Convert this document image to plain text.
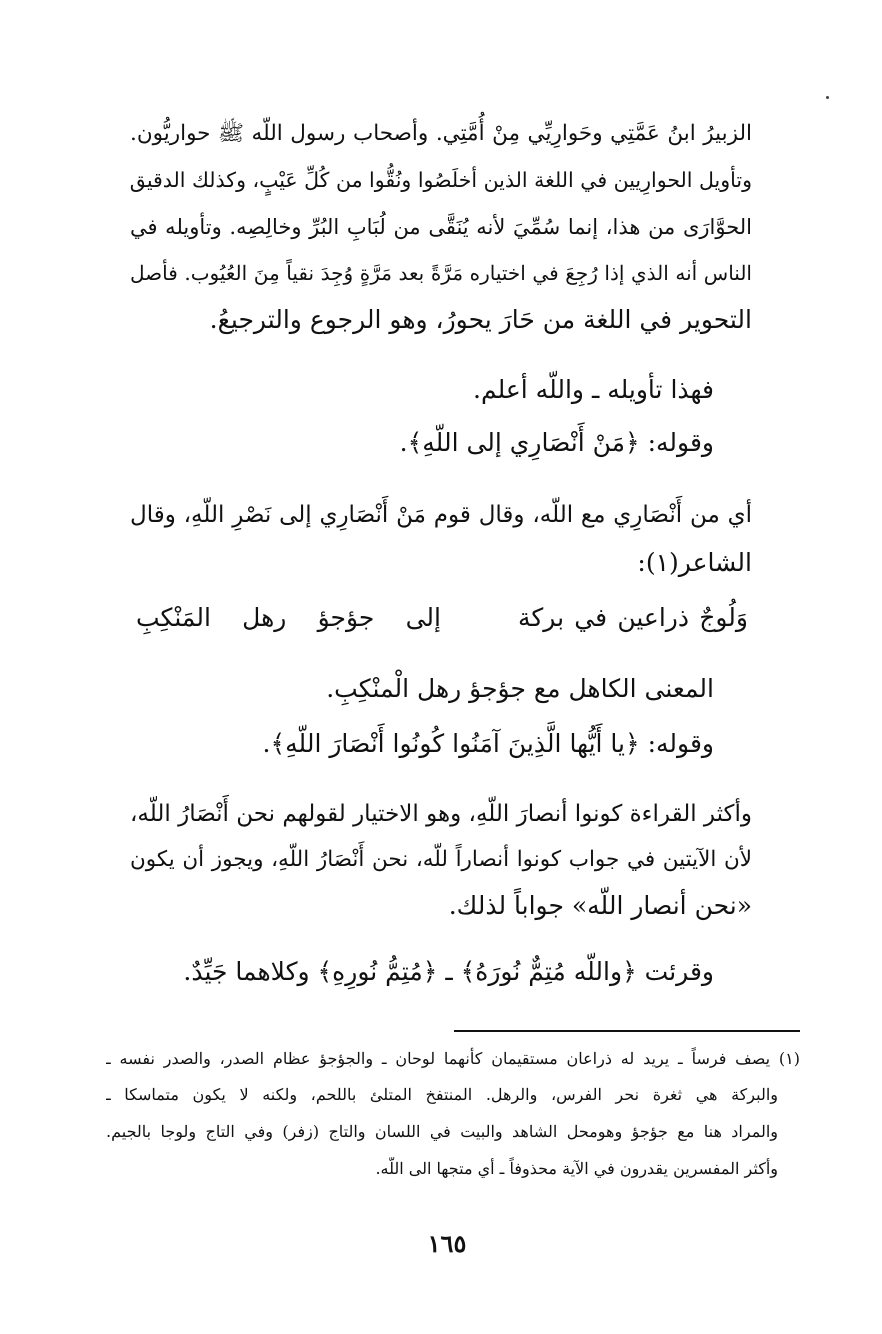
الزبيرُ ابنُ عَمَّتِي وحَوارِيِّي مِنْ أُمَّتِي. وأصحاب رسول اللّه ﷺ حواريُّون.
وتأويل الحوارِيين في اللغة الذين أخلَصُوا ونُقُّوا من كُلِّ عَيْبٍ، وكذلك الدقيق
الحوَّارَى من هذا، إنما سُمِّيَ لأنه يُنَقَّى من لُبَابِ البُرِّ وخالِصِه. وتأويله في
الناس أنه الذي إذا رُجِعَ في اختياره مَرَّةً بعد مَرَّةٍ وُجِدَ نقياً مِنَ العُيُوب. فأصل
التحوير في اللغة من حَارَ يحورُ، وهو الرجوع والترجيعُ.
فهذا تأويله ـ واللّه أعلم.
وقوله: ﴿مَنْ أَنْصَارِي إلى اللّهِ﴾.
أي من أَنْصَارِي مع اللّه، وقال قوم مَنْ أَنْصَارِي إلى نَصْرِ اللّهِ، وقال
الشاعر(١):
وَلُوجٌ ذراعين في بركة
إلى جؤجؤ رهل المَنْكِبِ
المعنى الكاهل مع جؤجؤ رهل الْمنْكِبِ.
وقوله: ﴿يا أَيُّها الَّذِينَ آمَنُوا كُونُوا أَنْصَارَ اللّهِ﴾.
وأكثر القراءة كونوا أنصارَ اللّهِ، وهو الاختيار لقولهم نحن أَنْصَارُ اللّه،
لأن الآيتين في جواب كونوا أنصاراً للّه، نحن أَنْصَارُ اللّهِ، ويجوز أن يكون
«نحن أنصار اللّه» جواباً لذلك.
وقرئت ﴿واللّه مُتِمٌّ نُورَهُ﴾ ـ ﴿مُتِمُّ نُورِهِ﴾ وكلاهما جَيِّدٌ.
(١) يصف فرساً ـ يريد له ذراعان مستقيمان كأنهما لوحان ـ والجؤجؤ عظام الصدر، والصدر نفسه ـ
والبركة هي ثغرة نحر الفرس، والرهل. المنتفخ المتلئ باللحم، ولكنه لا يكون متماسكا ـ
والمراد هنا مع جؤجؤ وهومحل الشاهد والبيت في اللسان والتاج (زفر) وفي التاج ولوجا بالجيم.
وأكثر المفسرين يقدرون في الآية محذوفاً ـ أي متجها الى اللّه.
١٦٥
